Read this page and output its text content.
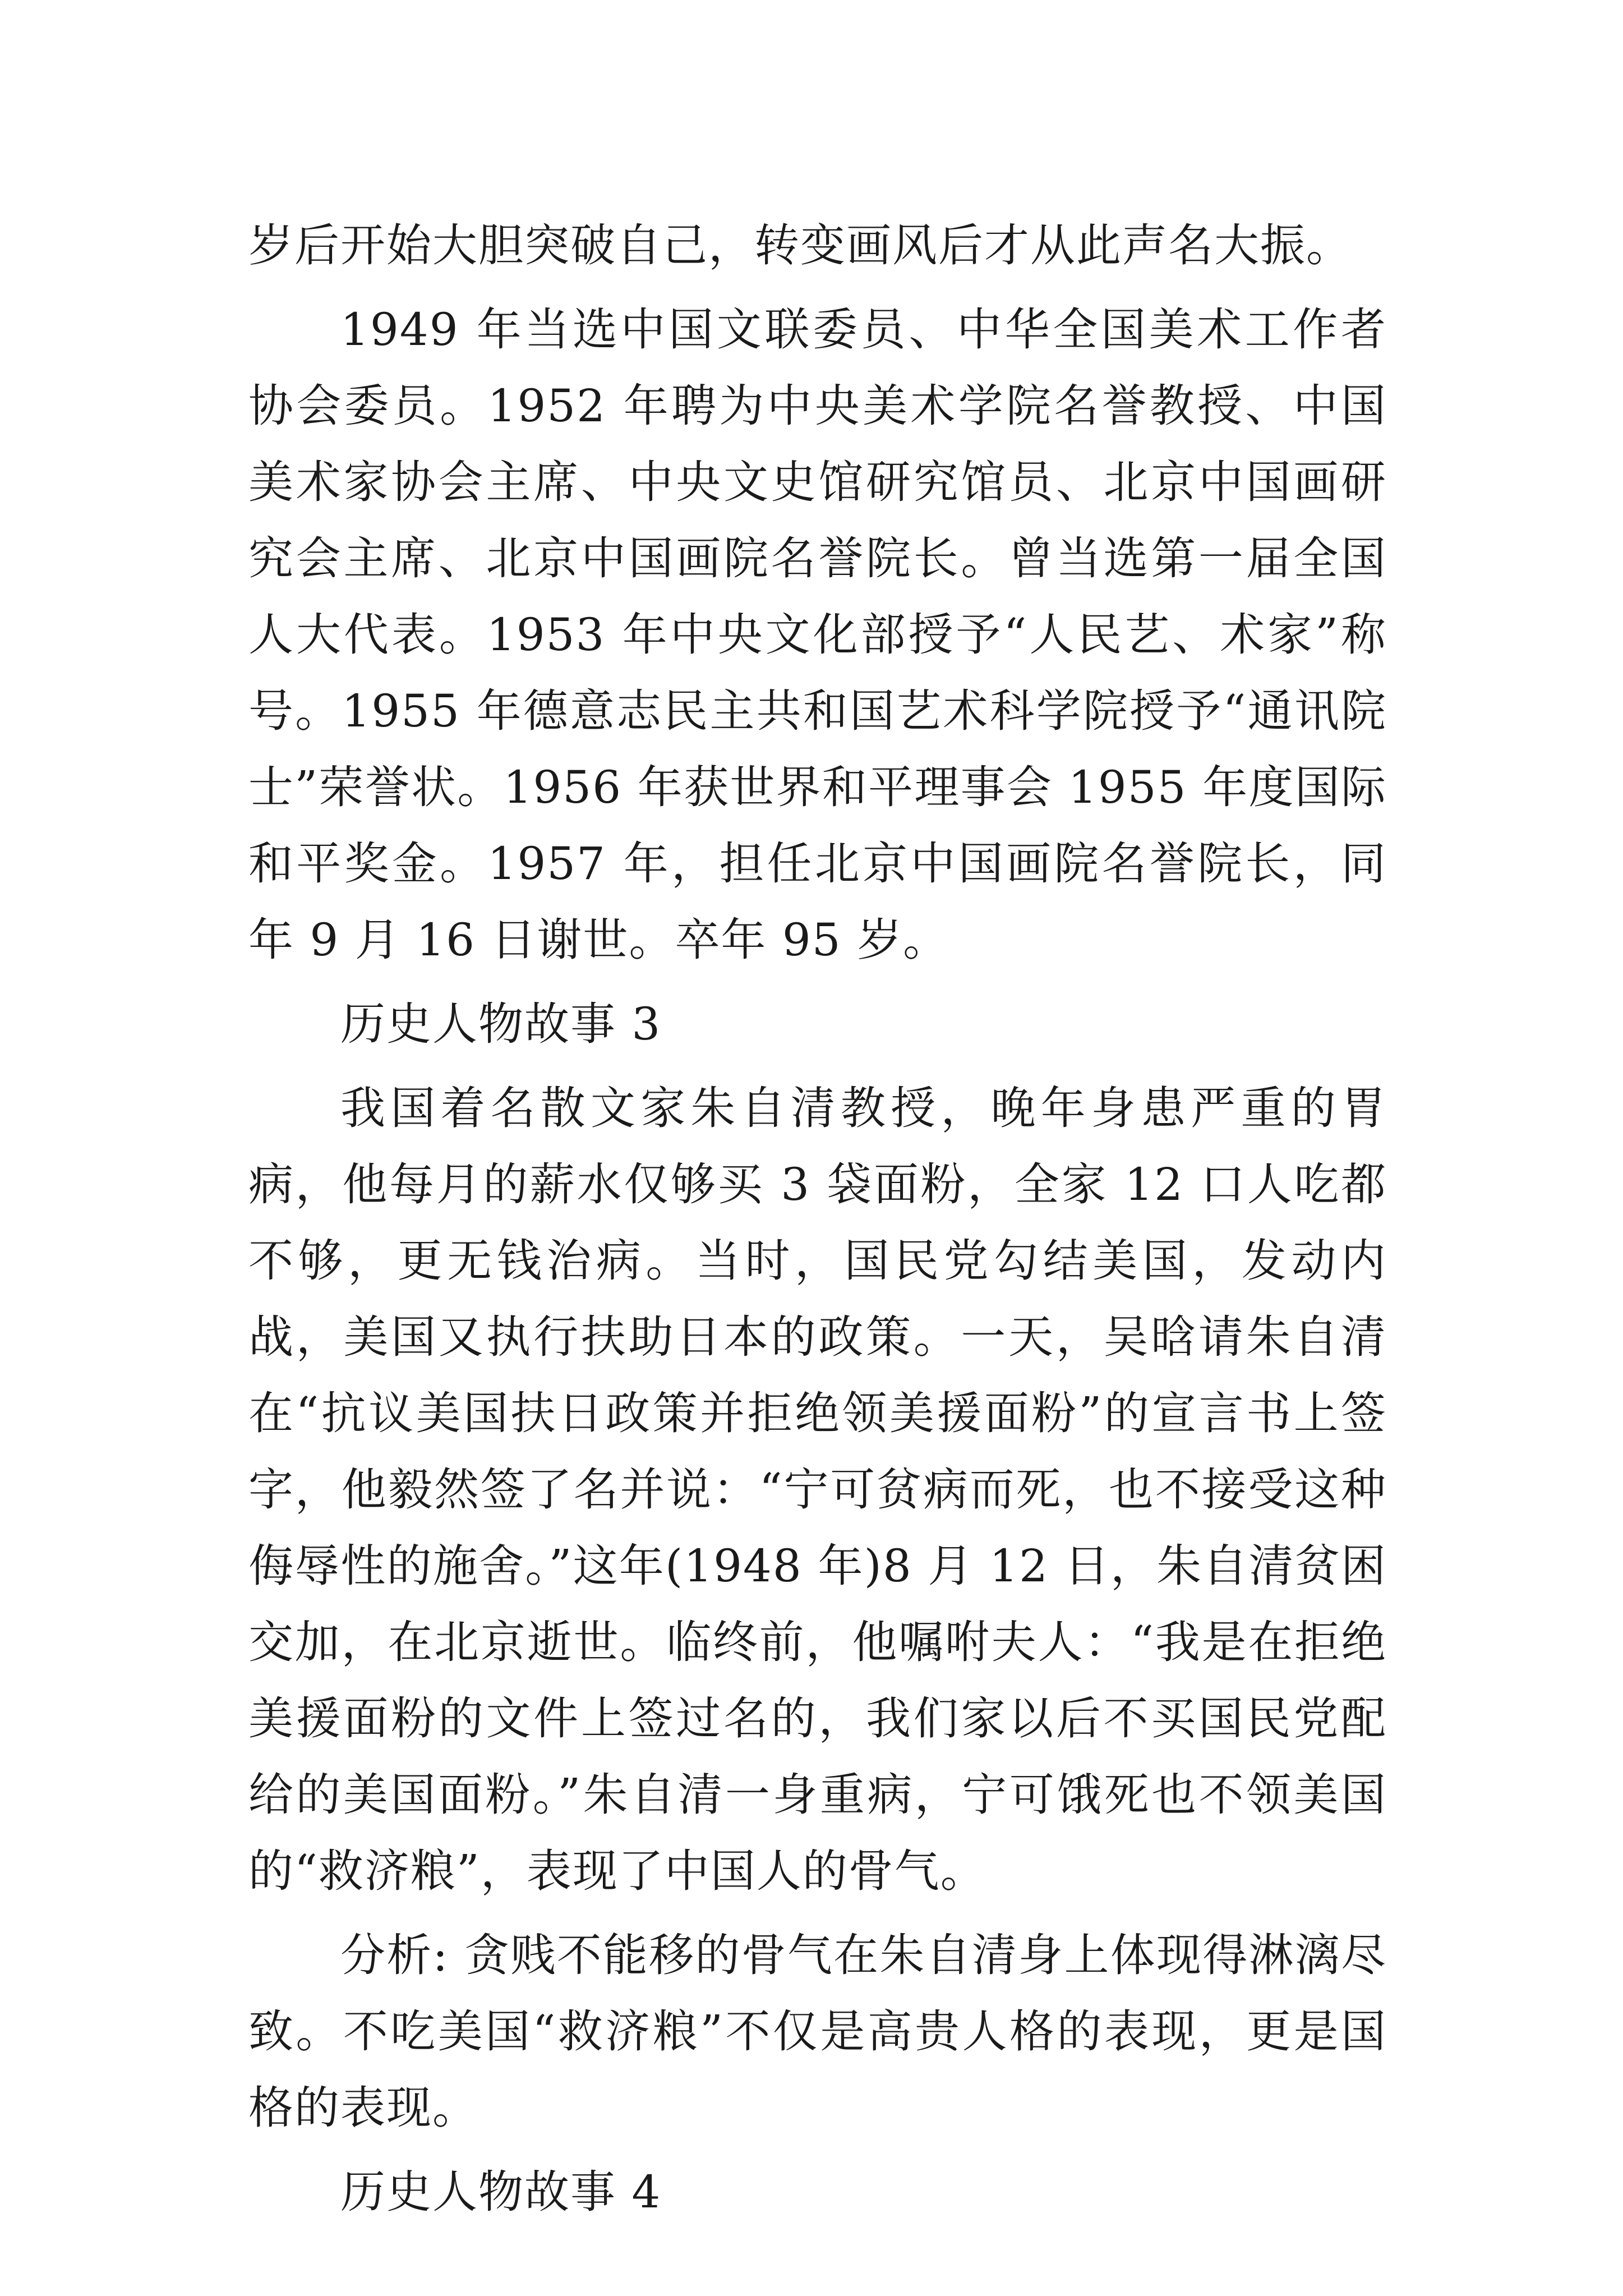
岁后开始大胆突破自己，转变画风后才从此声名大振。

1949 年当选中国文联委员、中华全国美术工作者协会委员。1952 年聘为中央美术学院名誉教授、中国美术家协会主席、中央文史馆研究馆员、北京中国画研究会主席、北京中国画院名誉院长。曾当选第一届全国人大代表。1953 年中央文化部授予“人民艺、术家”称号。1955 年德意志民主共和国艺术科学院授予“通讯院士”荣誉状。1956 年获世界和平理事会 1955 年度国际和平奖金。1957 年，担任北京中国画院名誉院长，同年 9 月 16 日谢世。卒年 95 岁。

历史人物故事 3

我国着名散文家朱自清教授，晚年身患严重的胃病，他每月的薪水仅够买 3 袋面粉，全家 12 口人吃都不够，更无钱治病。当时，国民党勾结美国，发动内战，美国又执行扶助日本的政策。一天，吴晗请朱自清在“抗议美国扶日政策并拒绝领美援面粉”的宣言书上签字，他毅然签了名并说：“宁可贫病而死，也不接受这种侮辱性的施舍。”这年(1948 年)8 月 12 日，朱自清贫困交加，在北京逝世。临终前，他嘱咐夫人：“我是在拒绝美援面粉的文件上签过名的，我们家以后不买国民党配给的美国面粉。”朱自清一身重病，宁可饿死也不领美国的“救济粮”，表现了中国人的骨气。

分析: 贪贱不能移的骨气在朱自清身上体现得淋漓尽致。不吃美国“救济粮”不仅是高贵人格的表现，更是国格的表现。

历史人物故事 4
